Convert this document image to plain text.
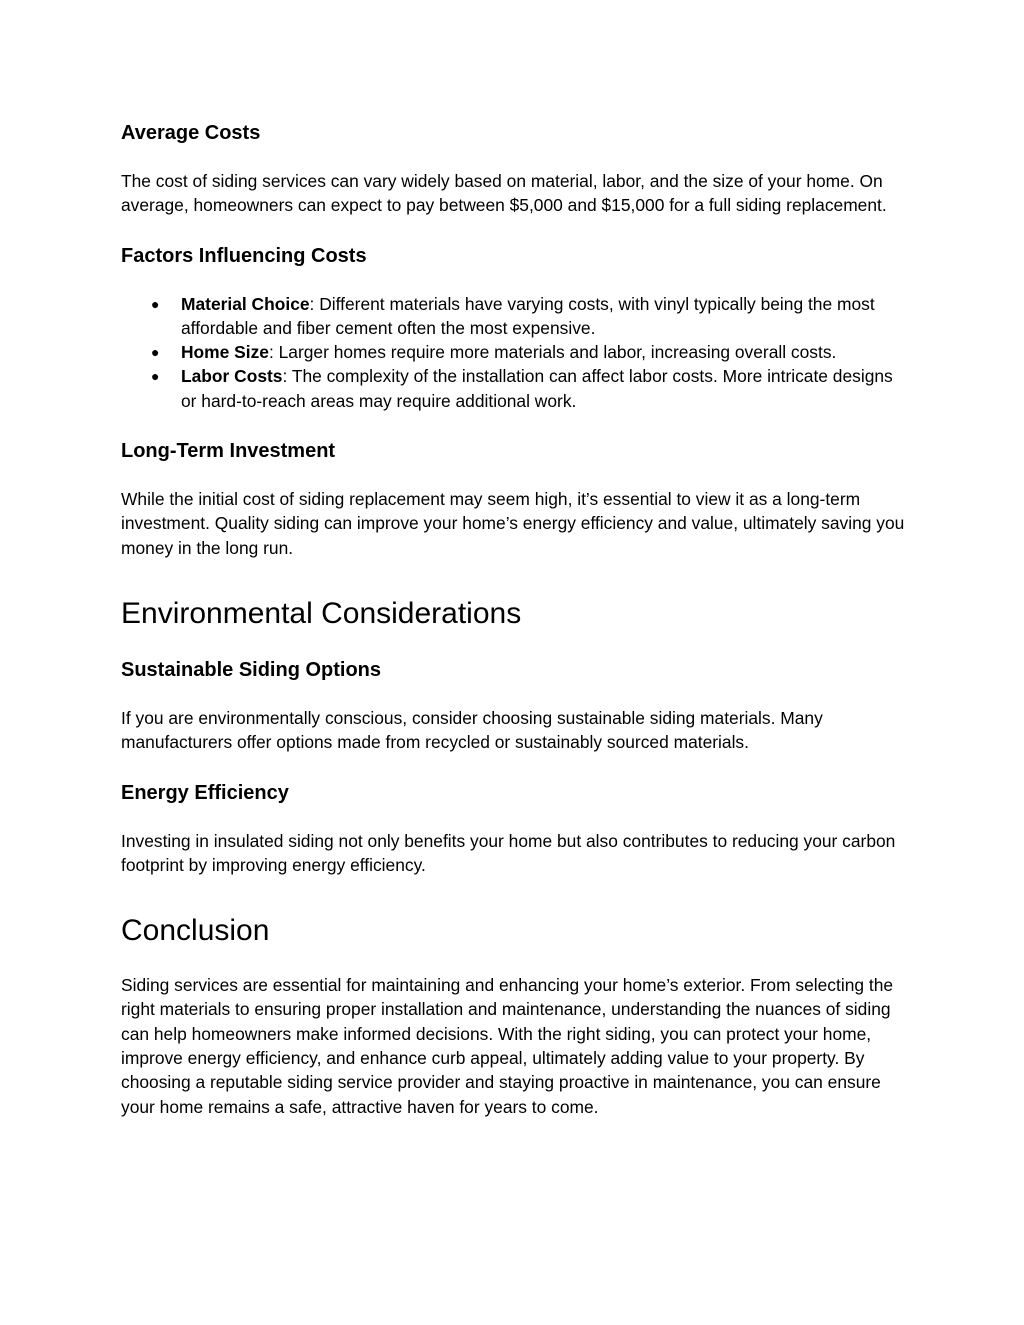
Average Costs

The cost of siding services can vary widely based on material, labor, and the size of your home. On average, homeowners can expect to pay between $5,000 and $15,000 for a full siding replacement.

Factors Influencing Costs
● Material Choice: Different materials have varying costs, with vinyl typically being the most affordable and fiber cement often the most expensive.
● Home Size: Larger homes require more materials and labor, increasing overall costs.
● Labor Costs: The complexity of the installation can affect labor costs. More intricate designs or hard-to-reach areas may require additional work.
Long-Term Investment

While the initial cost of siding replacement may seem high, it’s essential to view it as a long-term investment. Quality siding can improve your home’s energy efficiency and value, ultimately saving you money in the long run.

Environmental Considerations
Sustainable Siding Options

If you are environmentally conscious, consider choosing sustainable siding materials. Many manufacturers offer options made from recycled or sustainably sourced materials.

Energy Efficiency

Investing in insulated siding not only benefits your home but also contributes to reducing your carbon footprint by improving energy efficiency.

Conclusion

Siding services are essential for maintaining and enhancing your home’s exterior. From selecting the right materials to ensuring proper installation and maintenance, understanding the nuances of siding can help homeowners make informed decisions. With the right siding, you can protect your home, improve energy efficiency, and enhance curb appeal, ultimately adding value to your property. By choosing a reputable siding service provider and staying proactive in maintenance, you can ensure your home remains a safe, attractive haven for years to come.
